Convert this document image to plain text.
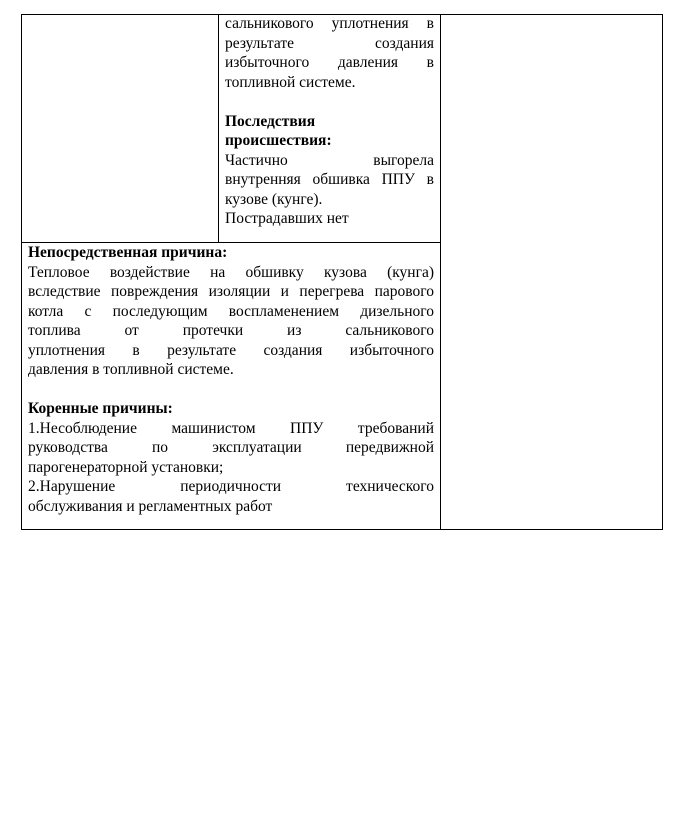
сальникового уплотнения в

результате создания

избыточного давления в

топливной системе.

Последствия
происшествия:

Частично выгорела

внутренняя обшивка ППУ в

кузове (кунге).

Пострадавших нет

Непосредственная причина:

Тепловое воздействие на обшивку кузова (кунга)

вследствие повреждения изоляции и перегрева парового

котла с последующим воспламенением дизельного

топлива от протечки из сальникового

уплотнения в результате создания избыточного

давления в топливной системе.

Коренные причины:

1.Несоблюдение машинистом ППУ требований

руководства по эксплуатации передвижной

парогенераторной установки;

2.Нарушение периодичности технического

обслуживания и регламентных работ
